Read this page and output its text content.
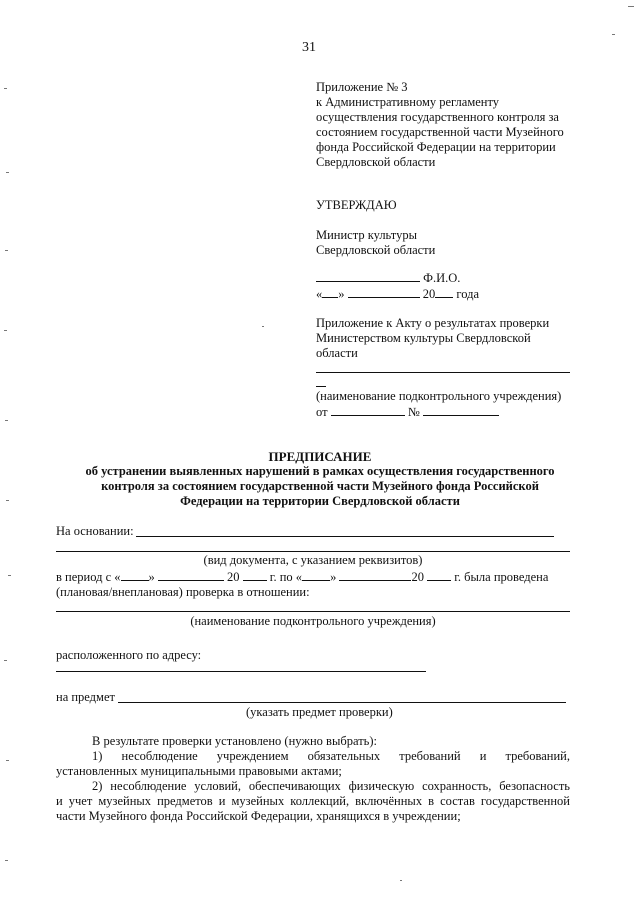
31
Приложение № 3
к Административному регламенту
осуществления государственного контроля за
состоянием государственной части Музейного
фонда Российской Федерации на территории
Свердловской области
УТВЕРЖДАЮ
Министр культуры
Свердловской области
Ф.И.О.
« »	20 года
Приложение к Акту о результатах проверки
Министерством культуры Свердловской
области
(наименование подконтрольного учреждения)
от	№
ПРЕДПИСАНИЕ
об устранении выявленных нарушений в рамках осуществления государственного
контроля за состоянием государственной части Музейного фонда Российской
Федерации на территории Свердловской области
На основании:
(вид документа, с указанием реквизитов)
в период с « »	20 г. по « »	20 г. была проведена
(плановая/внеплановая) проверка в отношении:
(наименование подконтрольного учреждения)
расположенного по адресу:
на предмет
(указать предмет проверки)
В результате проверки установлено (нужно выбрать):
1) несоблюдение учреждением обязательных требований и требований,
установленных муниципальными правовыми актами;
2) несоблюдение условий, обеспечивающих физическую сохранность, безопасность
и учет музейных предметов и музейных коллекций, включённых в состав государственной
части Музейного фонда Российской Федерации, хранящихся в учреждении;
